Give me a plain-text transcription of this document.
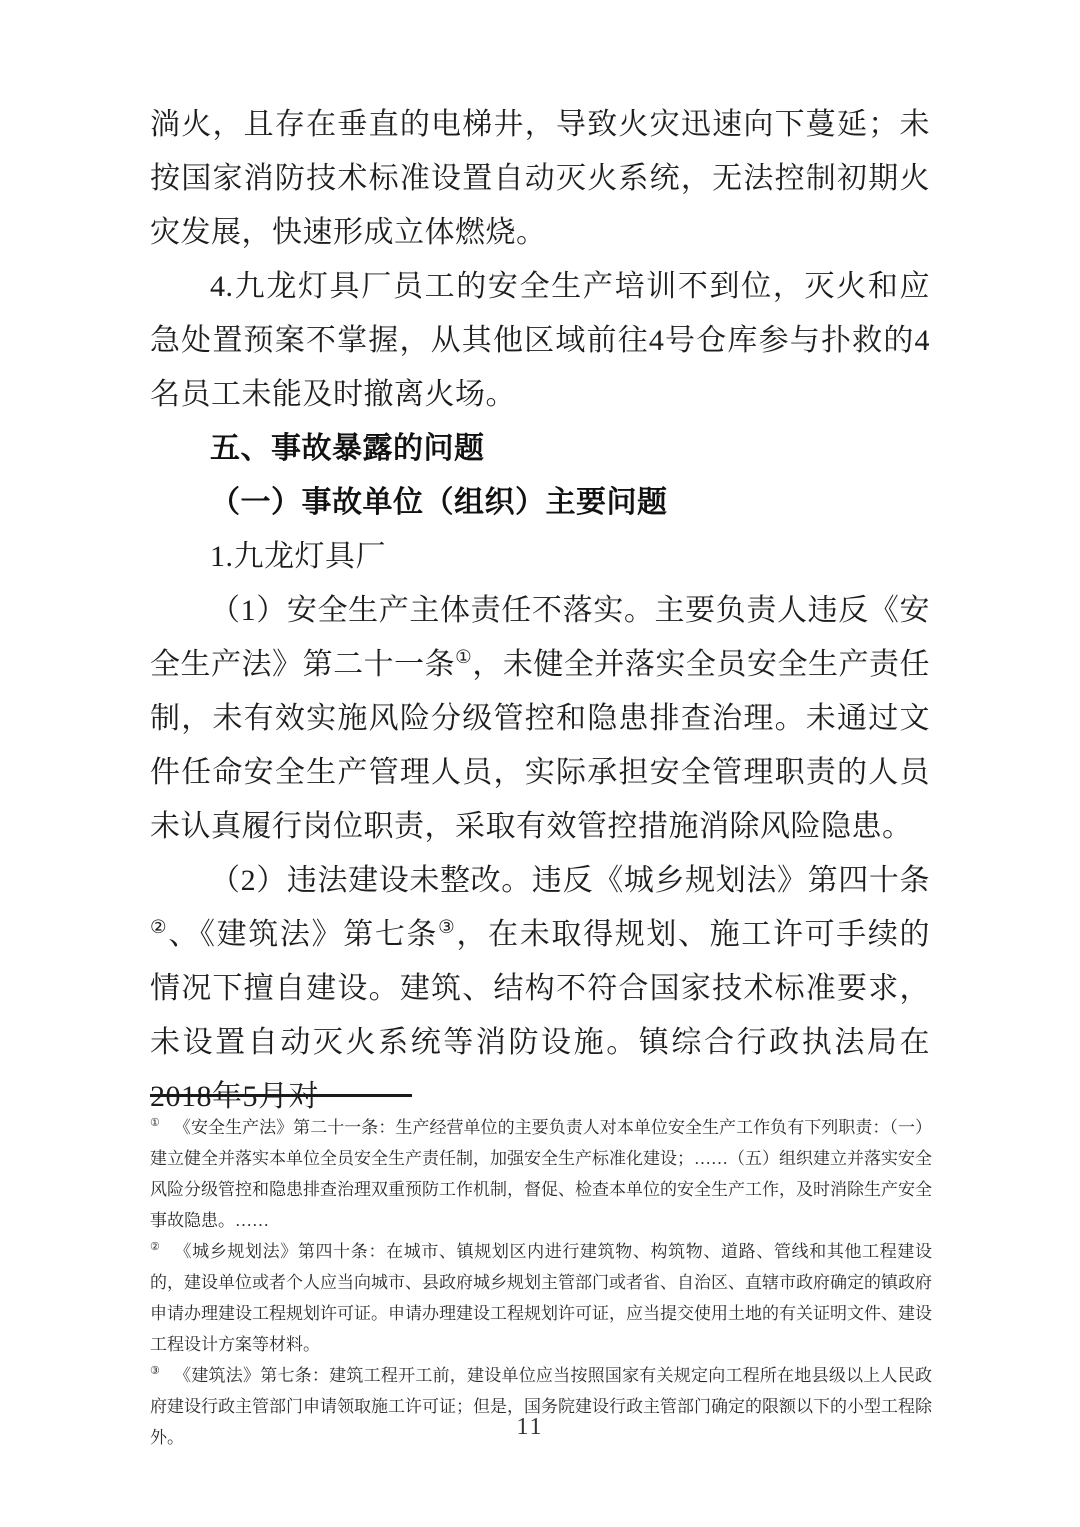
淌火，且存在垂直的电梯井，导致火灾迅速向下蔓延；未按国家消防技术标准设置自动灭火系统，无法控制初期火灾发展，快速形成立体燃烧。

4.九龙灯具厂员工的安全生产培训不到位，灭火和应急处置预案不掌握，从其他区域前往4号仓库参与扑救的4名员工未能及时撤离火场。

五、事故暴露的问题

（一）事故单位（组织）主要问题

1.九龙灯具厂

（1）安全生产主体责任不落实。主要负责人违反《安全生产法》第二十一条①，未健全并落实全员安全生产责任制，未有效实施风险分级管控和隐患排查治理。未通过文件任命安全生产管理人员，实际承担安全管理职责的人员未认真履行岗位职责，采取有效管控措施消除风险隐患。

（2）违法建设未整改。违反《城乡规划法》第四十条②、《建筑法》第七条③，在未取得规划、施工许可手续的情况下擅自建设。建筑、结构不符合国家技术标准要求，未设置自动灭火系统等消防设施。镇综合行政执法局在2018年5月对

① 《安全生产法》第二十一条：生产经营单位的主要负责人对本单位安全生产工作负有下列职责：（一）建立健全并落实本单位全员安全生产责任制，加强安全生产标准化建设；……（五）组织建立并落实安全风险分级管控和隐患排查治理双重预防工作机制，督促、检查本单位的安全生产工作，及时消除生产安全事故隐患。……

② 《城乡规划法》第四十条：在城市、镇规划区内进行建筑物、构筑物、道路、管线和其他工程建设的，建设单位或者个人应当向城市、县政府城乡规划主管部门或者省、自治区、直辖市政府确定的镇政府申请办理建设工程规划许可证。申请办理建设工程规划许可证，应当提交使用土地的有关证明文件、建设工程设计方案等材料。

③ 《建筑法》第七条：建筑工程开工前，建设单位应当按照国家有关规定向工程所在地县级以上人民政府建设行政主管部门申请领取施工许可证；但是，国务院建设行政主管部门确定的限额以下的小型工程除外。	11
